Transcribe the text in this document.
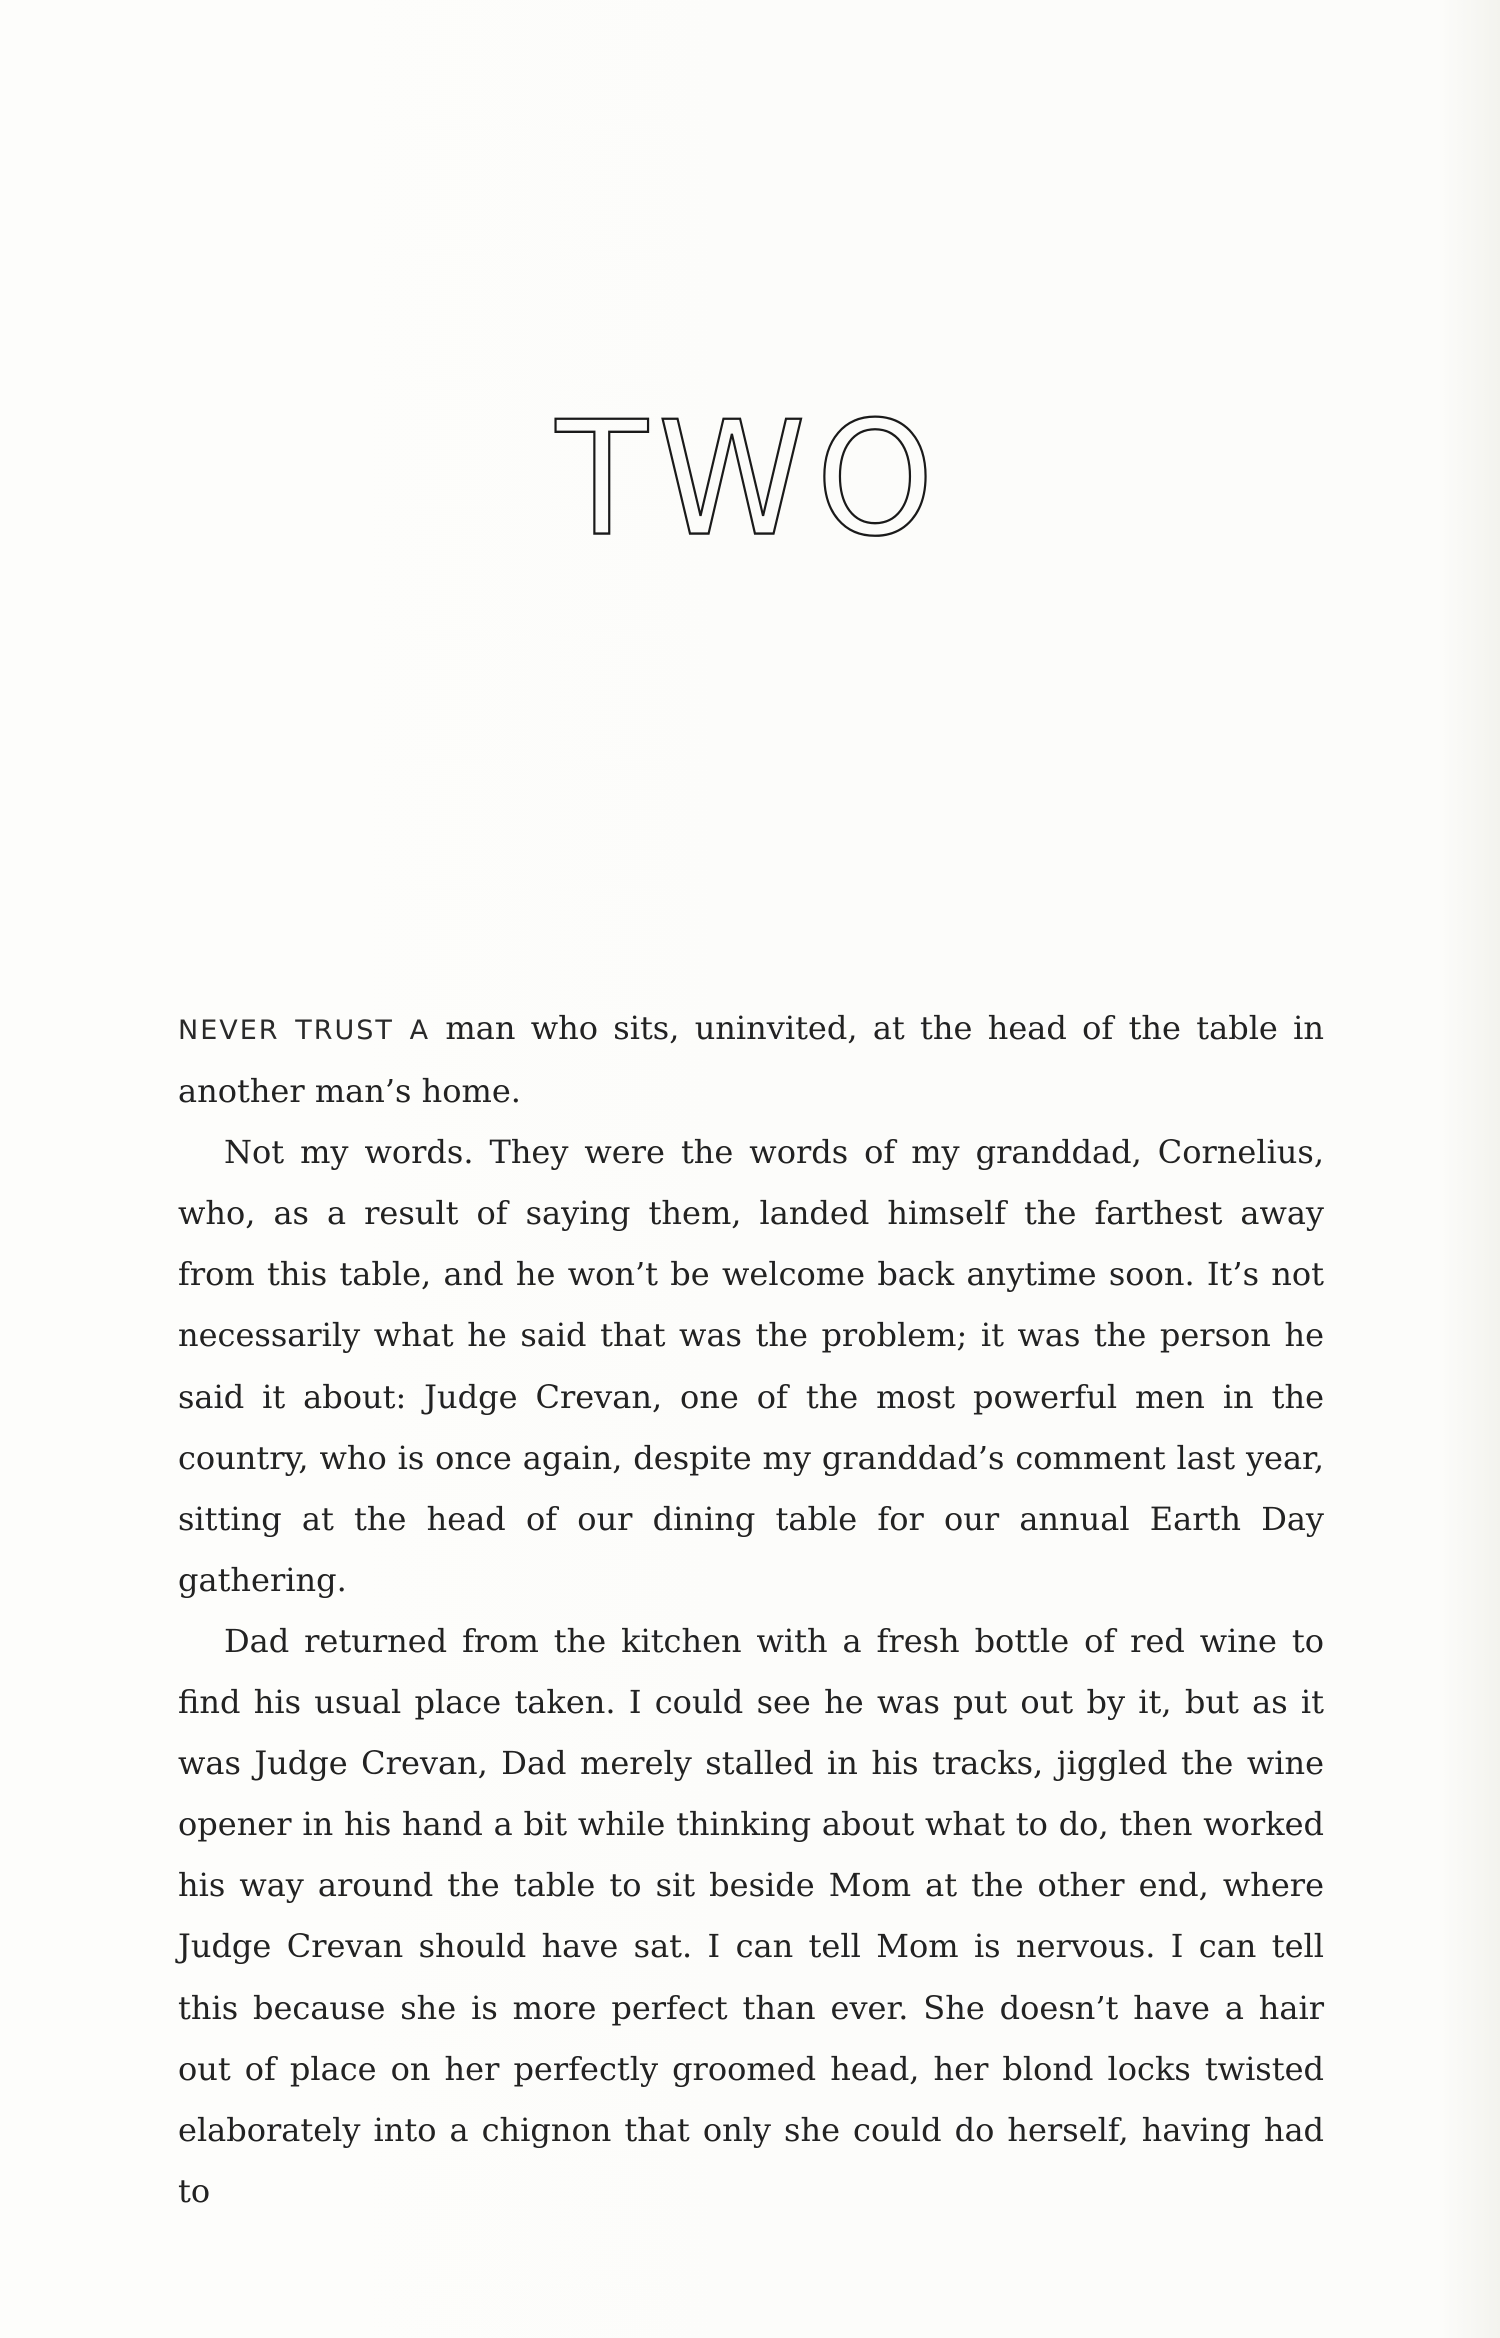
TWO

NEVER TRUST A man who sits, uninvited, at the head of the table in another man’s home.

Not my words. They were the words of my granddad, Cornelius, who, as a result of saying them, landed himself the farthest away from this table, and he won’t be welcome back anytime soon. It’s not necessarily what he said that was the problem; it was the person he said it about: Judge Crevan, one of the most powerful men in the country, who is once again, despite my granddad’s comment last year, sitting at the head of our dining table for our annual Earth Day gathering.

Dad returned from the kitchen with a fresh bottle of red wine to find his usual place taken. I could see he was put out by it, but as it was Judge Crevan, Dad merely stalled in his tracks, jiggled the wine opener in his hand a bit while thinking about what to do, then worked his way around the table to sit beside Mom at the other end, where Judge Crevan should have sat. I can tell Mom is nervous. I can tell this because she is more perfect than ever. She doesn’t have a hair out of place on her perfectly groomed head, her blond locks twisted elaborately into a chignon that only she could do herself, having had to
